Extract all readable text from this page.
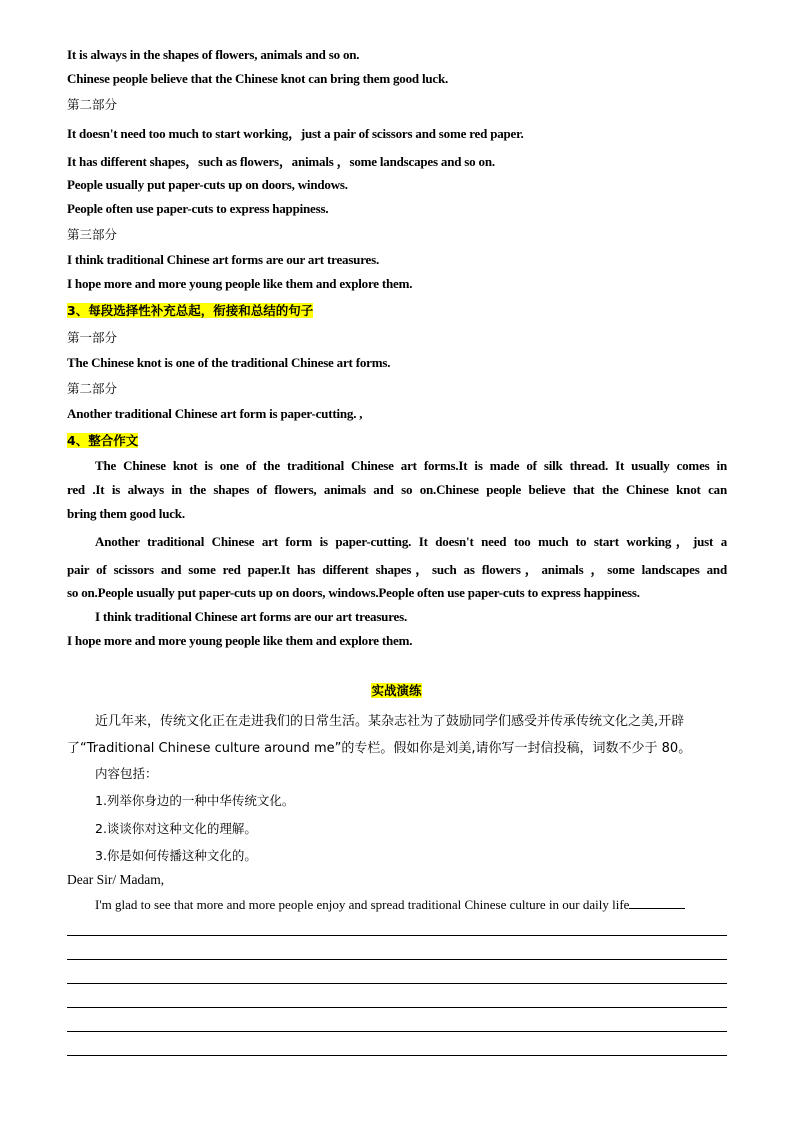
It is always in the shapes of flowers, animals and so on.
Chinese people believe that the Chinese knot can bring them good luck.
第二部分
It doesn't need too much to start working，just a pair of scissors and some red paper.
It has different shapes，such as flowers，animals ，some landscapes and so on.
People usually put paper-cuts up on doors, windows.
People often use paper-cuts to express happiness.
第三部分
I think traditional Chinese art forms are our art treasures.
I hope more and more young people like them and explore them.
3、每段选择性补充总起，衔接和总结的句子
第一部分
The Chinese knot is one of the traditional Chinese art forms.
第二部分
Another traditional Chinese art form is paper-cutting. ,
4、整合作文
The Chinese knot is one of the traditional Chinese art forms.It is made of silk thread. It usually comes in
red .It is always in the shapes of flowers, animals and so on.Chinese people believe that the Chinese knot can
bring them good luck.
Another traditional Chinese art form is paper-cutting. It doesn't need too much to start working，just a
pair of scissors and some red paper.It has different shapes，such as flowers，animals ，some landscapes and
so on.People usually put paper-cuts up on doors, windows.People often use paper-cuts to express happiness.
I think traditional Chinese art forms are our art treasures.
I hope more and more young people like them and explore them.
实战演练
近几年来，传统文化正在走进我们的日常生活。某杂志社为了鼓励同学们感受并传承传统文化之美,开辟
了“Traditional Chinese culture around me”的专栏。假如你是刘美,请你写一封信投稿，词数不少于 80。
内容包括：
1.列举你身边的一种中华传统文化。
2.谈谈你对这种文化的理解。
3.你是如何传播这种文化的。
Dear Sir/ Madam,
I'm glad to see that more and more people enjoy and spread traditional Chinese culture in our daily life
